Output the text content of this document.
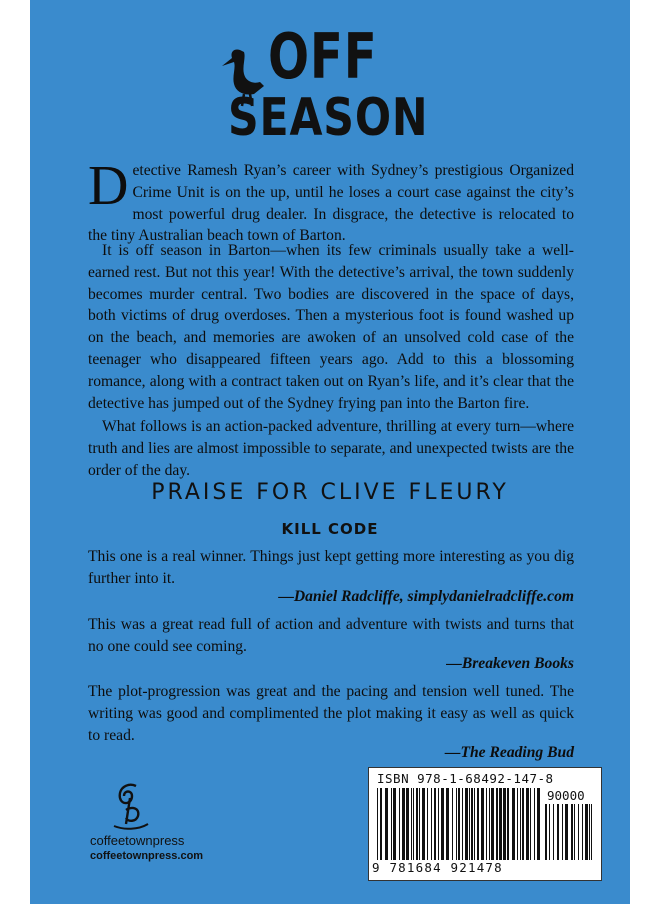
OFF
SEASON

Detective Ramesh Ryan’s career with Sydney’s prestigious Organized Crime Unit is on the up, until he loses a court case against the city’s most powerful drug dealer. In disgrace, the detective is relocated to the tiny Australian beach town of Barton.

It is off season in Barton—when its few criminals usually take a well-earned rest. But not this year! With the detective’s arrival, the town suddenly becomes murder central. Two bodies are discovered in the space of days, both victims of drug overdoses. Then a mysterious foot is found washed up on the beach, and memories are awoken of an unsolved cold case of the teenager who disappeared fifteen years ago. Add to this a blossoming romance, along with a contract taken out on Ryan’s life, and it’s clear that the detective has jumped out of the Sydney frying pan into the Barton fire.

What follows is an action-packed adventure, thrilling at every turn—where truth and lies are almost impossible to separate, and unexpected twists are the order of the day.

PRAISE FOR CLIVE FLEURY
KILL CODE

This one is a real winner. Things just kept getting more interesting as you dig further into it.

—Daniel Radcliffe, simplydanielradcliffe.com

This was a great read full of action and adventure with twists and turns that no one could see coming.

—Breakeven Books

The plot-progression was great and the pacing and tension well tuned. The writing was good and complimented the plot making it easy as well as quick to read.

—The Reading Bud

coffeetownpress

coffeetownpress.com

ISBN 978-1-68492-147-8

90000

9 781684 921478
